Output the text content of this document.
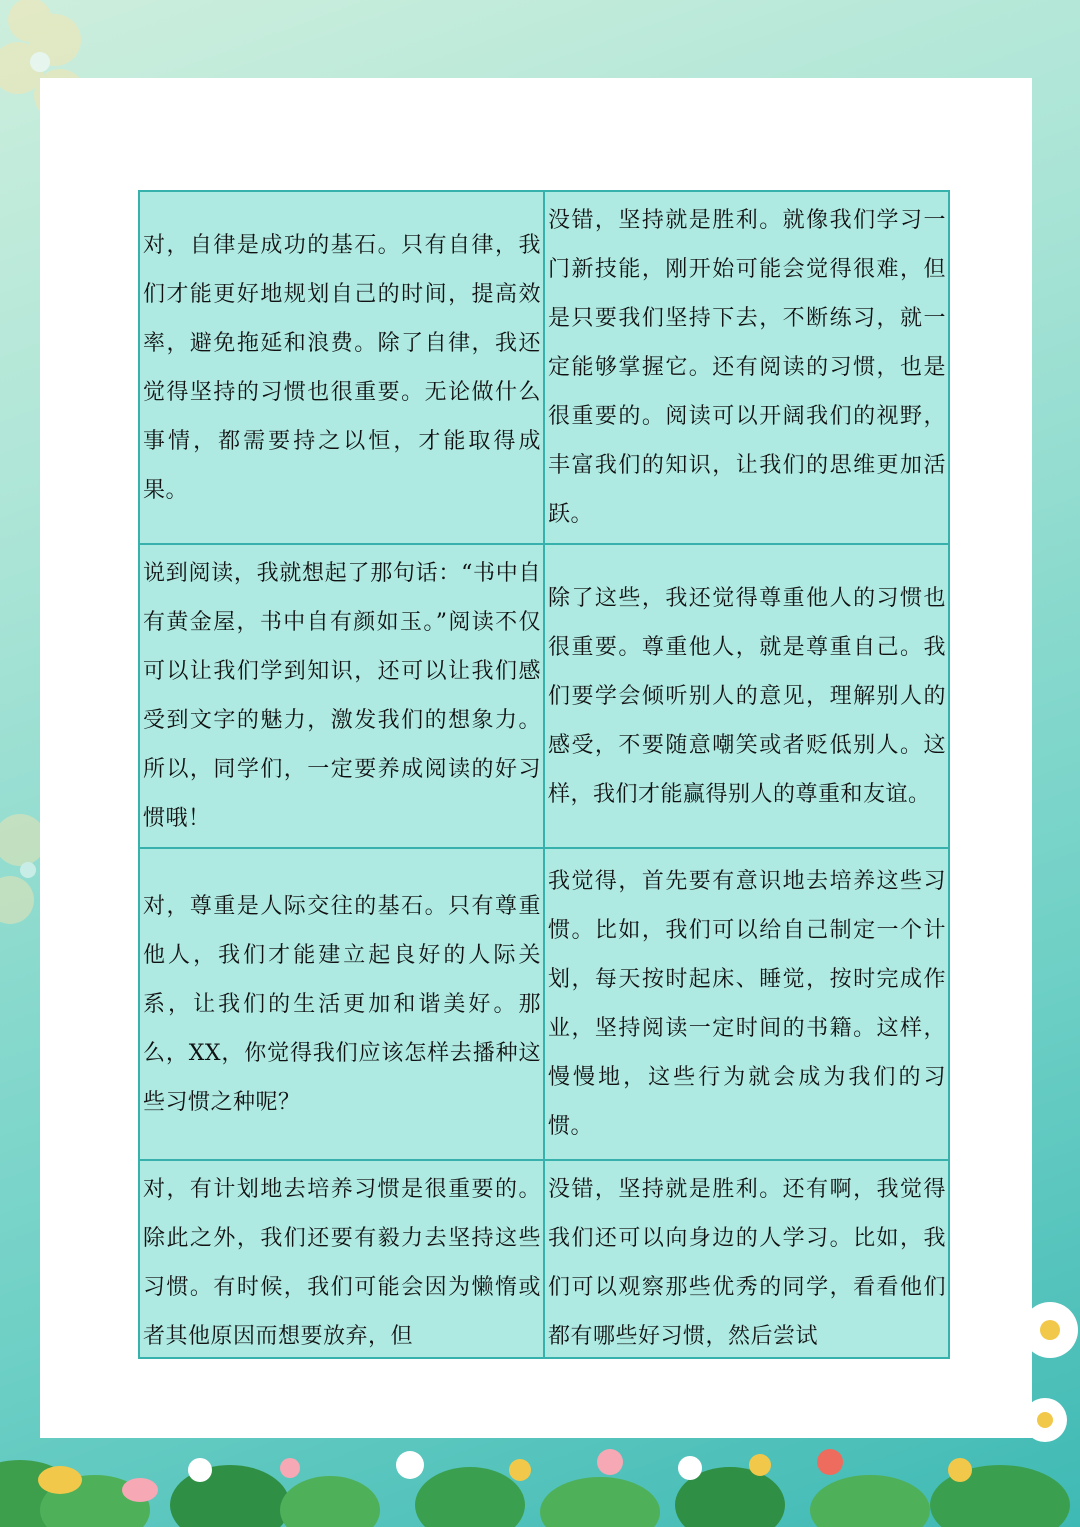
对，自律是成功的基石。只有自律，我们才能更好地规划自己的时间，提高效率，避免拖延和浪费。除了自律，我还觉得坚持的习惯也很重要。无论做什么事情，都需要持之以恒，才能取得成果。	没错，坚持就是胜利。就像我们学习一门新技能，刚开始可能会觉得很难，但是只要我们坚持下去，不断练习，就一定能够掌握它。还有阅读的习惯，也是很重要的。阅读可以开阔我们的视野，丰富我们的知识，让我们的思维更加活跃。
说到阅读，我就想起了那句话：“书中自有黄金屋，书中自有颜如玉。”阅读不仅可以让我们学到知识，还可以让我们感受到文字的魅力，激发我们的想象力。所以，同学们，一定要养成阅读的好习惯哦！	除了这些，我还觉得尊重他人的习惯也很重要。尊重他人，就是尊重自己。我们要学会倾听别人的意见，理解别人的感受，不要随意嘲笑或者贬低别人。这样，我们才能赢得别人的尊重和友谊。
对，尊重是人际交往的基石。只有尊重他人，我们才能建立起良好的人际关系，让我们的生活更加和谐美好。那么，XX，你觉得我们应该怎样去播种这些习惯之种呢？	我觉得，首先要有意识地去培养这些习惯。比如，我们可以给自己制定一个计划，每天按时起床、睡觉，按时完成作业，坚持阅读一定时间的书籍。这样，慢慢地，这些行为就会成为我们的习惯。

对，有计划地去培养习惯是很重要的。除此之外，我们还要有毅力去坚持这些习惯。有时候，我们可能会因为懒惰或者其他原因而想要放弃，但	没错，坚持就是胜利。还有啊，我觉得我们还可以向身边的人学习。比如，我们可以观察那些优秀的同学，看看他们都有哪些好习惯，然后尝试
